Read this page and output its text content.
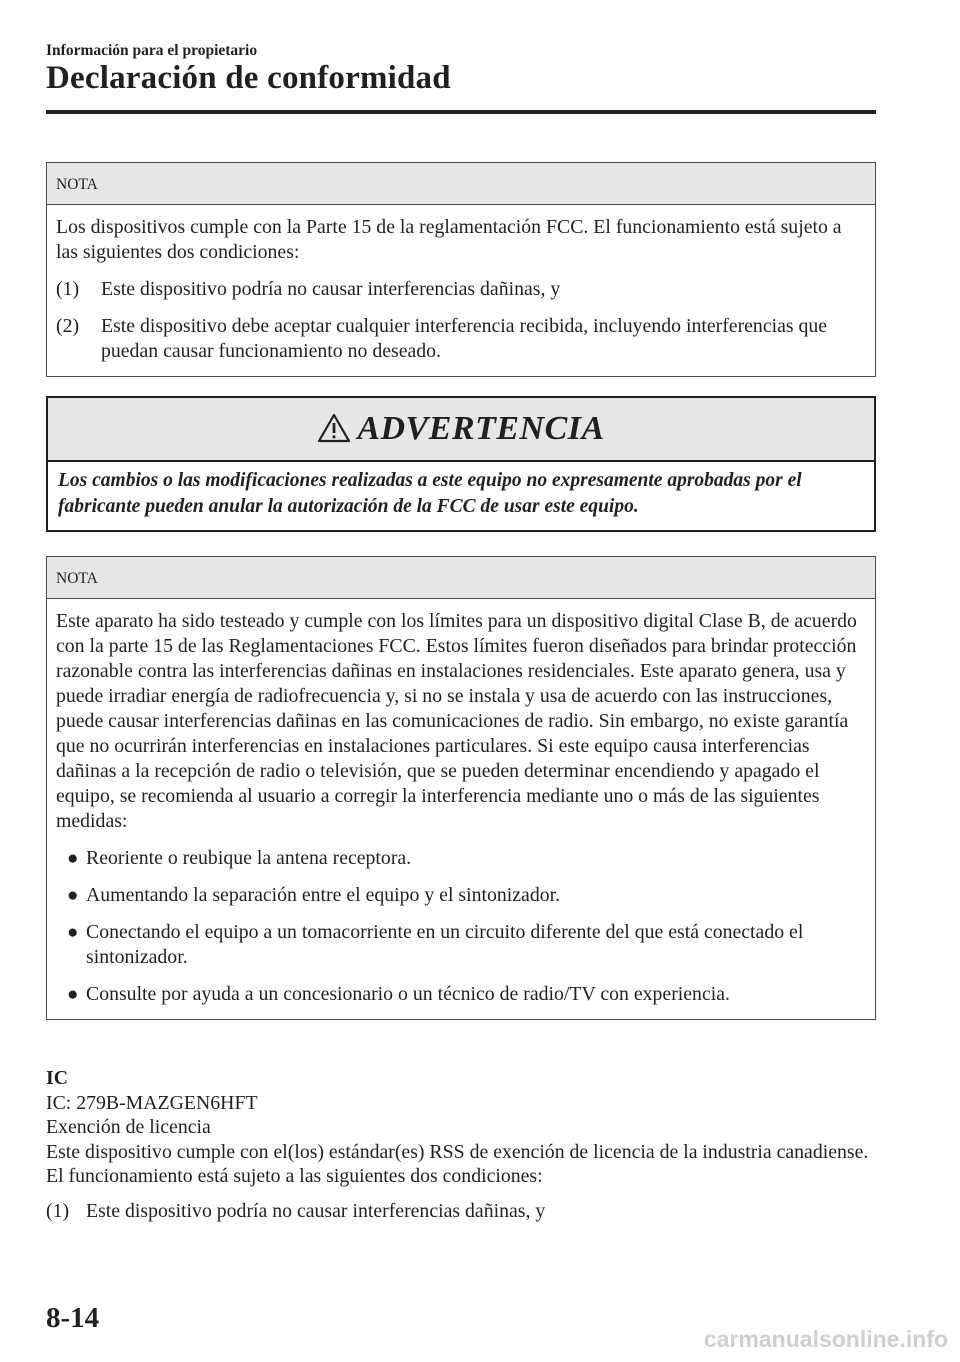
Información para el propietario
Declaración de conformidad
NOTA

Los dispositivos cumple con la Parte 15 de la reglamentación FCC. El funcionamiento está sujeto a las siguientes dos condiciones:

(1)	Este dispositivo podría no causar interferencias dañinas, y
(2)	Este dispositivo debe aceptar cualquier interferencia recibida, incluyendo interferencias que puedan causar funcionamiento no deseado.
ADVERTENCIA
Los cambios o las modificaciones realizadas a este equipo no expresamente aprobadas por el fabricante pueden anular la autorización de la FCC de usar este equipo.
NOTA

Este aparato ha sido testeado y cumple con los límites para un dispositivo digital Clase B, de acuerdo con la parte 15 de las Reglamentaciones FCC. Estos límites fueron diseñados para brindar protección razonable contra las interferencias dañinas en instalaciones residenciales. Este aparato genera, usa y puede irradiar energía de radiofrecuencia y, si no se instala y usa de acuerdo con las instrucciones, puede causar interferencias dañinas en las comunicaciones de radio. Sin embargo, no existe garantía que no ocurrirán interferencias en instalaciones particulares. Si este equipo causa interferencias dañinas a la recepción de radio o televisión, que se pueden determinar encendiendo y apagado el equipo, se recomienda al usuario a corregir la interferencia mediante uno o más de las siguientes medidas:

● Reoriente o reubique la antena receptora.
● Aumentando la separación entre el equipo y el sintonizador.
● Conectando el equipo a un tomacorriente en un circuito diferente del que está conectado el sintonizador.
● Consulte por ayuda a un concesionario o un técnico de radio/TV con experiencia.
IC
IC: 279B-MAZGEN6HFT
Exención de licencia
Este dispositivo cumple con el(los) estándar(es) RSS de exención de licencia de la industria canadiense. El funcionamiento está sujeto a las siguientes dos condiciones:
(1) Este dispositivo podría no causar interferencias dañinas, y
8-14
carmanualsonline.info
